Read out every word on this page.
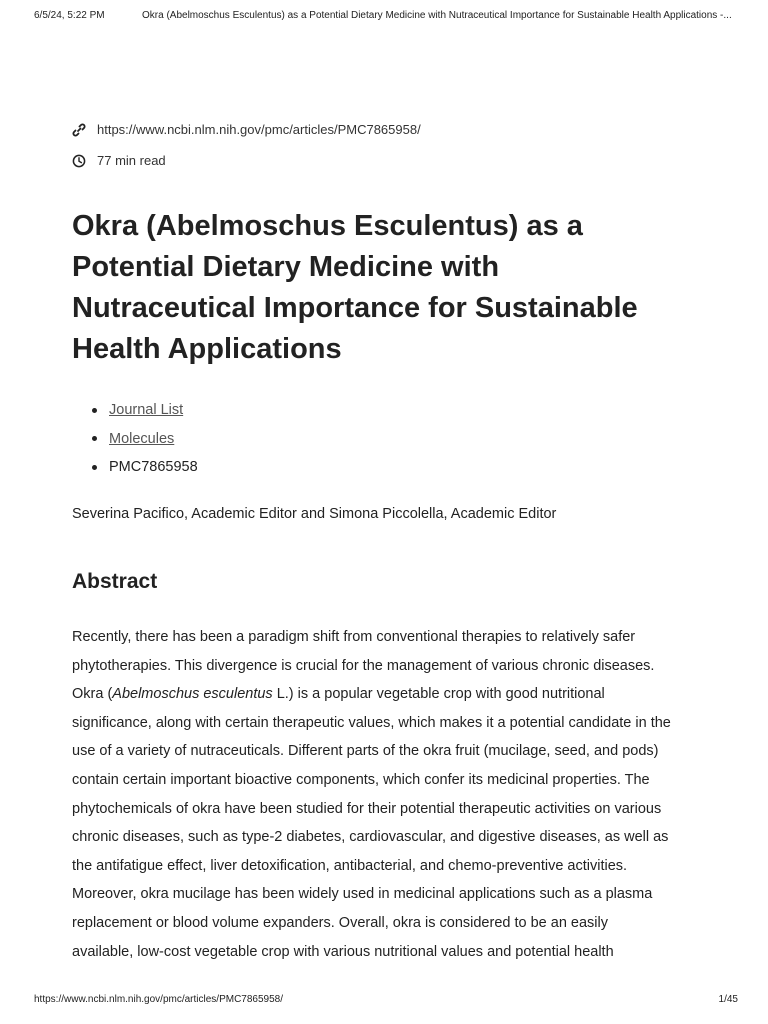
6/5/24, 5:22 PM	Okra (Abelmoschus Esculentus) as a Potential Dietary Medicine with Nutraceutical Importance for Sustainable Health Applications -...
https://www.ncbi.nlm.nih.gov/pmc/articles/PMC7865958/
77 min read
Okra (Abelmoschus Esculentus) as a
Potential Dietary Medicine with
Nutraceutical Importance for Sustainable
Health Applications
Journal List
Molecules
PMC7865958
Severina Pacifico, Academic Editor and Simona Piccolella, Academic Editor
Abstract
Recently, there has been a paradigm shift from conventional therapies to relatively safer
phytotherapies. This divergence is crucial for the management of various chronic diseases.
Okra (Abelmoschus esculentus L.) is a popular vegetable crop with good nutritional
significance, along with certain therapeutic values, which makes it a potential candidate in the
use of a variety of nutraceuticals. Different parts of the okra fruit (mucilage, seed, and pods)
contain certain important bioactive components, which confer its medicinal properties. The
phytochemicals of okra have been studied for their potential therapeutic activities on various
chronic diseases, such as type-2 diabetes, cardiovascular, and digestive diseases, as well as
the antifatigue effect, liver detoxification, antibacterial, and chemo-preventive activities.
Moreover, okra mucilage has been widely used in medicinal applications such as a plasma
replacement or blood volume expanders. Overall, okra is considered to be an easily
available, low-cost vegetable crop with various nutritional values and potential health
https://www.ncbi.nlm.nih.gov/pmc/articles/PMC7865958/	1/45
